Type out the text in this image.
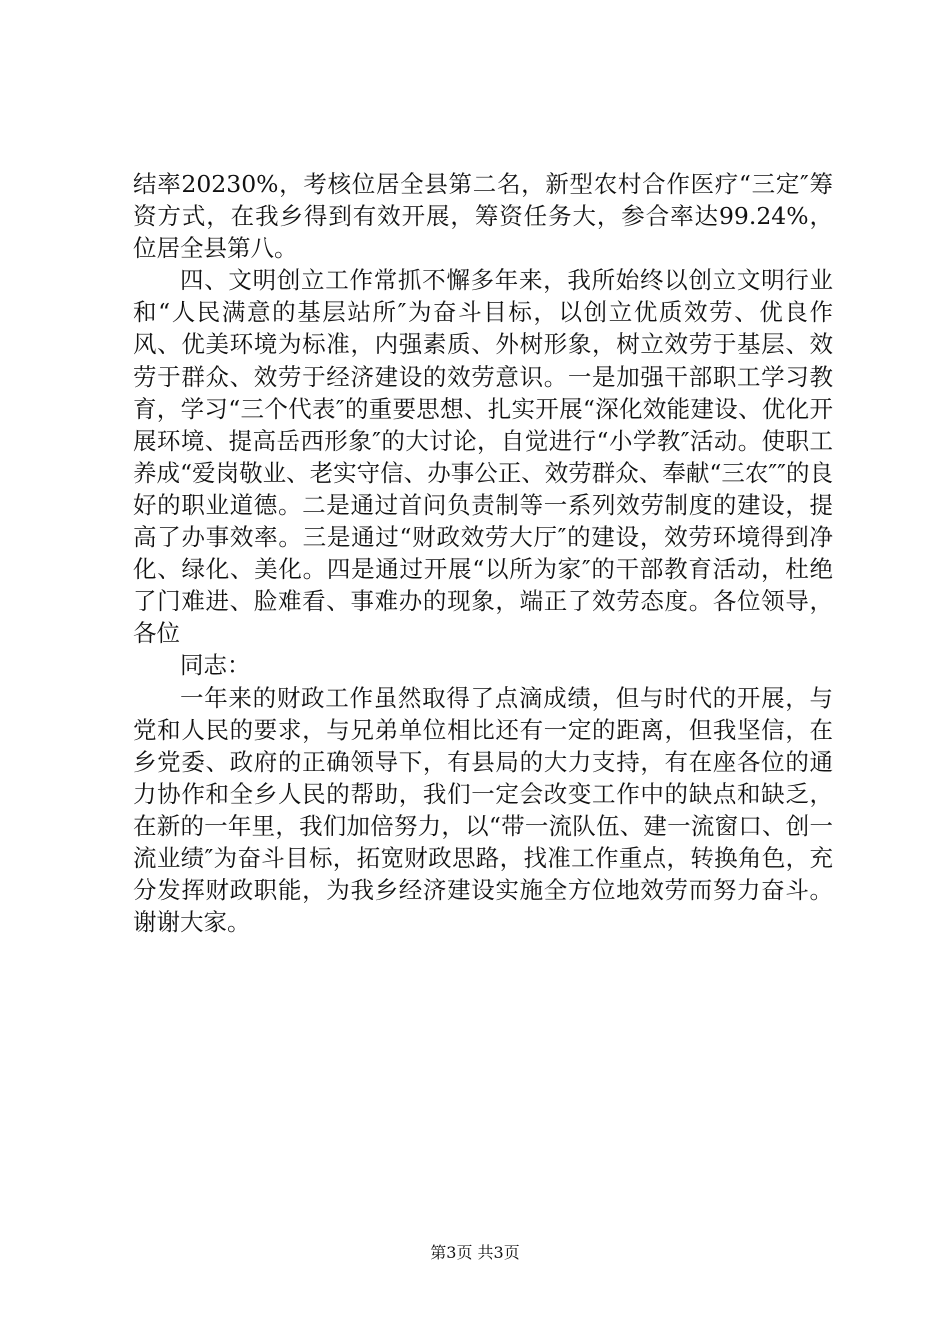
结率20230%，考核位居全县第二名，新型农村合作医疗“三定″筹资方式，在我乡得到有效开展，筹资任务大，参合率达99.24%，位居全县第八。

四、文明创立工作常抓不懈多年来，我所始终以创立文明行业和“人民满意的基层站所″为奋斗目标，以创立优质效劳、优良作风、优美环境为标准，内强素质、外树形象，树立效劳于基层、效劳于群众、效劳于经济建设的效劳意识。一是加强干部职工学习教育，学习“三个代表″的重要思想、扎实开展“深化效能建设、优化开展环境、提高岳西形象″的大讨论，自觉进行“小学教″活动。使职工养成“爱岗敬业、老实守信、办事公正、效劳群众、奉献“三农″″的良好的职业道德。二是通过首问负责制等一系列效劳制度的建设，提高了办事效率。三是通过“财政效劳大厅″的建设，效劳环境得到净化、绿化、美化。四是通过开展“以所为家″的干部教育活动，杜绝了门难进、脸难看、事难办的现象，端正了效劳态度。各位领导，各位

同志：

一年来的财政工作虽然取得了点滴成绩，但与时代的开展，与党和人民的要求，与兄弟单位相比还有一定的距离，但我坚信，在乡党委、政府的正确领导下，有县局的大力支持，有在座各位的通力协作和全乡人民的帮助，我们一定会改变工作中的缺点和缺乏，在新的一年里，我们加倍努力，以“带一流队伍、建一流窗口、创一流业绩″为奋斗目标，拓宽财政思路，找准工作重点，转换角色，充分发挥财政职能，为我乡经济建设实施全方位地效劳而努力奋斗。谢谢大家。

第3页 共3页
